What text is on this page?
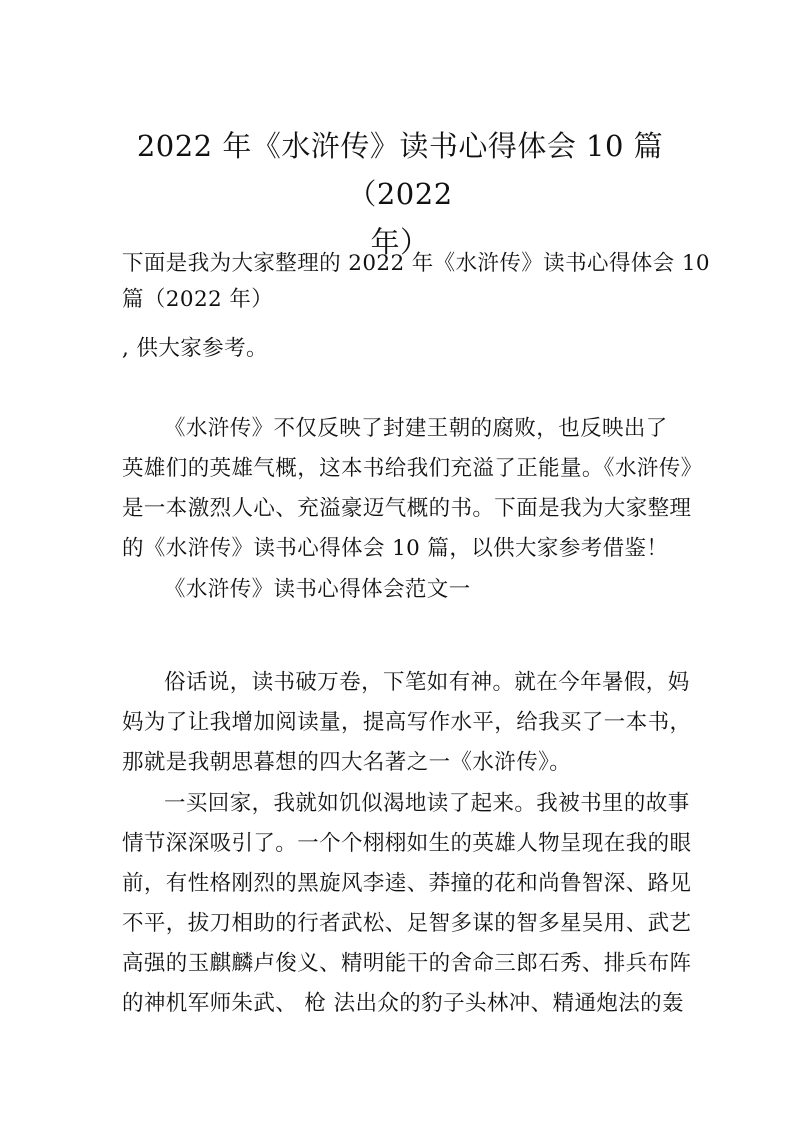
2022 年《水浒传》读书心得体会 10 篇（2022
年）

下面是我为大家整理的 2022 年《水浒传》读书心得体会 10

篇（2022 年）

, 供大家参考。

《水浒传》不仅反映了封建王朝的腐败，也反映出了

英雄们的英雄气概，这本书给我们充溢了正能量。《水浒传》

是一本激烈人心、充溢豪迈气概的书。下面是我为大家整理

的《水浒传》读书心得体会 10 篇，以供大家参考借鉴！

《水浒传》读书心得体会范文一

俗话说，读书破万卷，下笔如有神。就在今年暑假，妈

妈为了让我增加阅读量，提高写作水平，给我买了一本书，

那就是我朝思暮想的四大名著之一《水浒传》。

一买回家，我就如饥似渴地读了起来。我被书里的故事

情节深深吸引了。一个个栩栩如生的英雄人物呈现在我的眼

前，有性格刚烈的黑旋风李逵、莽撞的花和尚鲁智深、路见

不平，拔刀相助的行者武松、足智多谋的智多星吴用、武艺

高强的玉麒麟卢俊义、精明能干的舍命三郎石秀、排兵布阵

的神机军师朱武、 枪 法出众的豹子头林冲、精通炮法的轰
